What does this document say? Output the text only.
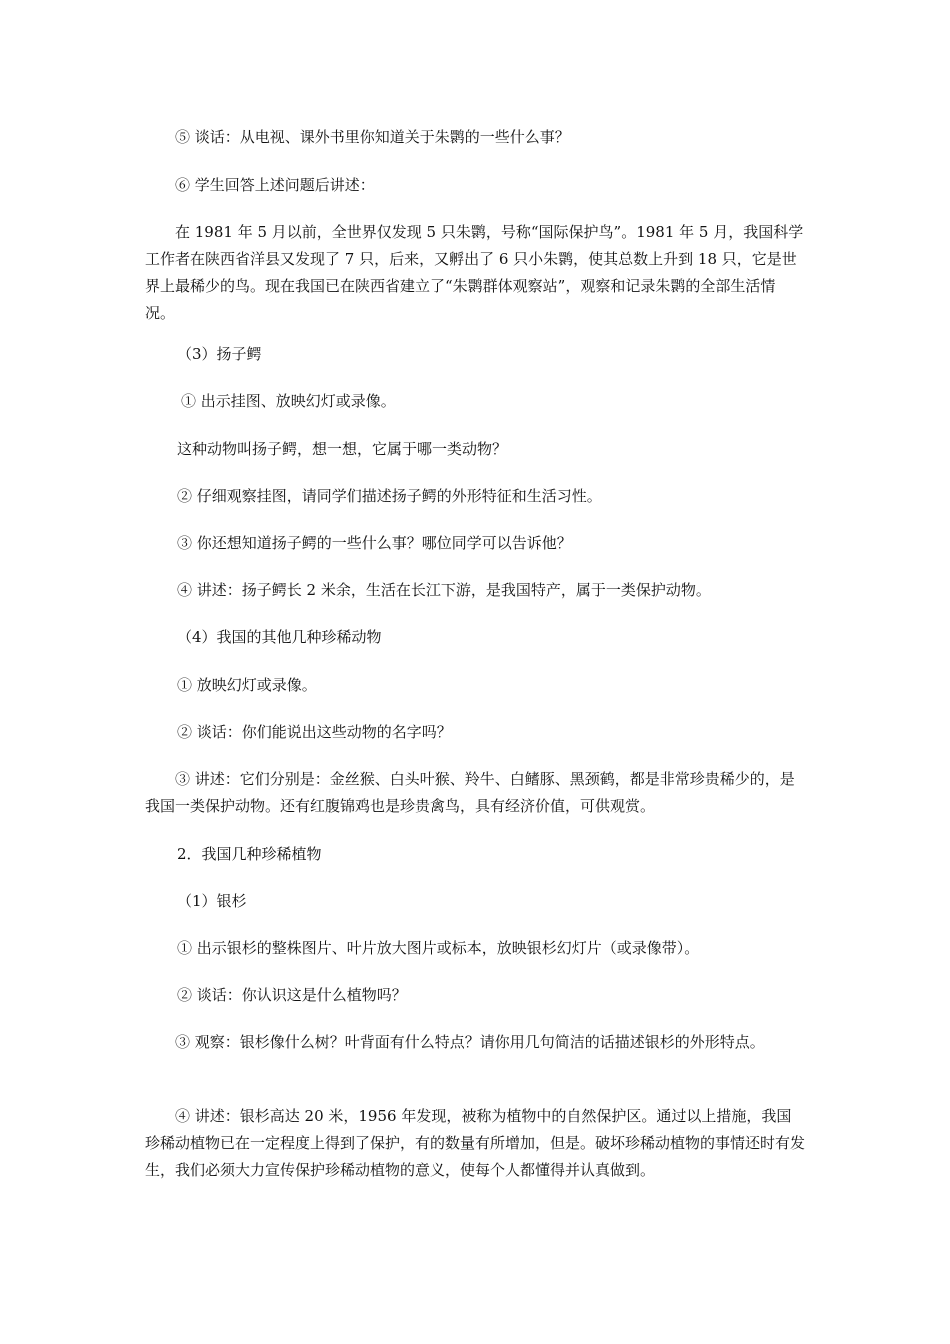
⑤ 谈话：从电视、课外书里你知道关于朱鹮的一些什么事？

⑥ 学生回答上述问题后讲述：

在 1981 年 5 月以前，全世界仅发现 5 只朱鹮，号称“国际保护鸟”。1981 年 5 月，我国科学工作者在陕西省洋县又发现了 7 只，后来，又孵出了 6 只小朱鹮，使其总数上升到 18 只，它是世界上最稀少的鸟。现在我国已在陕西省建立了“朱鹮群体观察站”，观察和记录朱鹮的全部生活情况。

（3）扬子鳄

① 出示挂图、放映幻灯或录像。

这种动物叫扬子鳄，想一想，它属于哪一类动物？

② 仔细观察挂图，请同学们描述扬子鳄的外形特征和生活习性。

③ 你还想知道扬子鳄的一些什么事？哪位同学可以告诉他？

④ 讲述：扬子鳄长 2 米余，生活在长江下游，是我国特产，属于一类保护动物。

（4）我国的其他几种珍稀动物

① 放映幻灯或录像。

② 谈话：你们能说出这些动物的名字吗？

③ 讲述：它们分别是：金丝猴、白头叶猴、羚牛、白鳍豚、黑颈鹤，都是非常珍贵稀少的，是我国一类保护动物。还有红腹锦鸡也是珍贵禽鸟，具有经济价值，可供观赏。

2．我国几种珍稀植物

（1）银杉

① 出示银杉的整株图片、叶片放大图片或标本，放映银杉幻灯片（或录像带）。

② 谈话：你认识这是什么植物吗？

③ 观察：银杉像什么树？叶背面有什么特点？请你用几句简洁的话描述银杉的外形特点。

④ 讲述：银杉高达 20 米，1956 年发现，被称为植物中的自然保护区。通过以上措施，我国珍稀动植物已在一定程度上得到了保护，有的数量有所增加，但是。破坏珍稀动植物的事情还时有发生，我们必须大力宣传保护珍稀动植物的意义，使每个人都懂得并认真做到。
